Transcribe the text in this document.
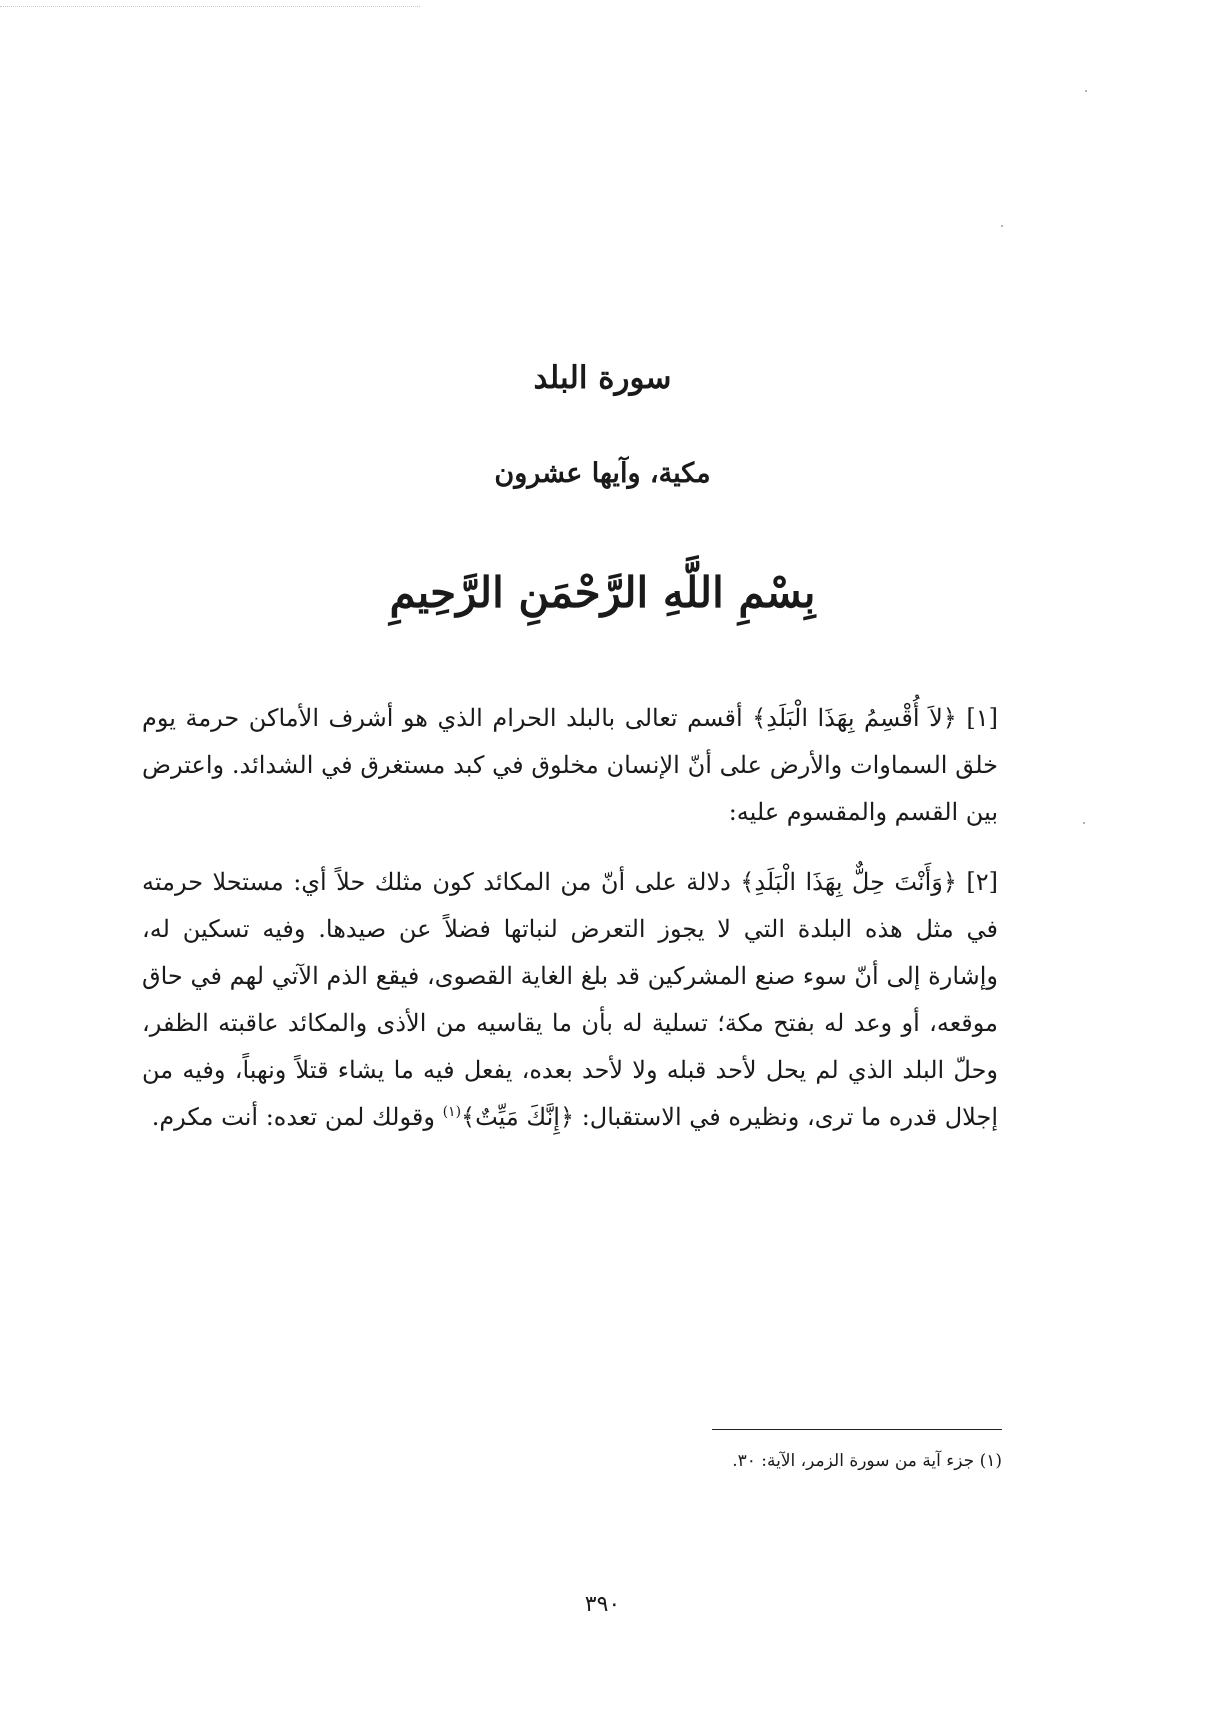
سورة البلد
مكية، وآيها عشرون
بِسْمِ اللَّهِ الرَّحْمَنِ الرَّحِيمِ

[١] ﴿لاَ أُقْسِمُ بِهَذَا الْبَلَدِ﴾ أقسم تعالى بالبلد الحرام الذي هو أشرف الأماكن حرمة يوم خلق السماوات والأرض على أنّ الإنسان مخلوق في كبد مستغرق في الشدائد. واعترض بين القسم والمقسوم عليه:

[٢] ﴿وَأَنْتَ حِلٌّ بِهَذَا الْبَلَدِ﴾ دلالة على أنّ من المكائد كون مثلك حلاً أي: مستحلا حرمته في مثل هذه البلدة التي لا يجوز التعرض لنباتها فضلاً عن صيدها. وفيه تسكين له، وإشارة إلى أنّ سوء صنع المشركين قد بلغ الغاية القصوى، فيقع الذم الآتي لهم في حاق موقعه، أو وعد له بفتح مكة؛ تسلية له بأن ما يقاسيه من الأذى والمكائد عاقبته الظفر، وحلّ البلد الذي لم يحل لأحد قبله ولا لأحد بعده، يفعل فيه ما يشاء قتلاً ونهباً، وفيه من إجلال قدره ما ترى، ونظيره في الاستقبال: ﴿إِنَّكَ مَيِّتٌ﴾$^{(١)}$ وقولك لمن تعده: أنت مكرم.

(١) جزء آية من سورة الزمر، الآية: ٣٠.
٣٩٠
